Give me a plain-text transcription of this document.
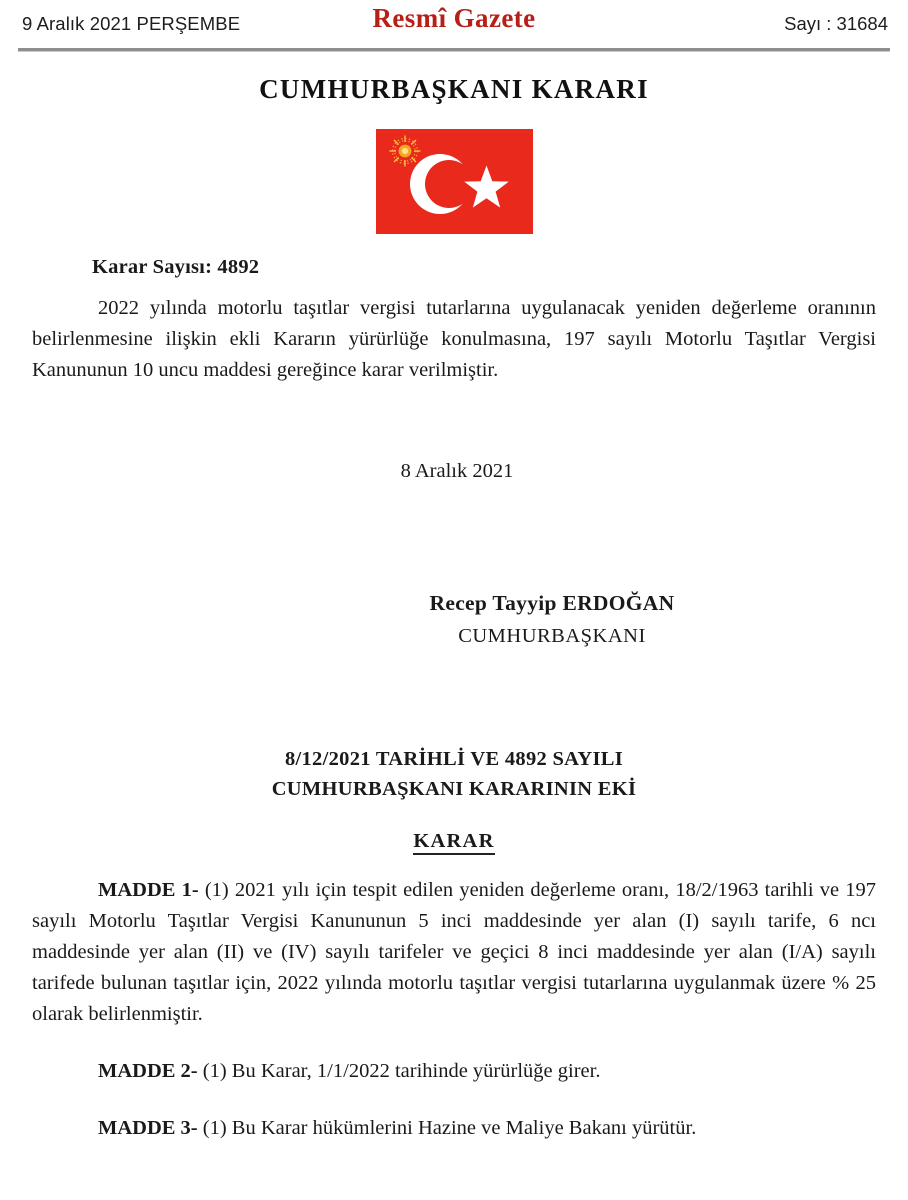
9 Aralık 2021 PERŞEMBE	Resmî Gazete	Sayı : 31684
CUMHURBAŞKANI KARARI
Karar Sayısı: 4892
2022 yılında motorlu taşıtlar vergisi tutarlarına uygulanacak yeniden değerleme oranının belirlenmesine ilişkin ekli Kararın yürürlüğe konulmasına, 197 sayılı Motorlu Taşıtlar Vergisi Kanununun 10 uncu maddesi gereğince karar verilmiştir.
8 Aralık 2021
Recep Tayyip ERDOĞAN
CUMHURBAŞKANI
8/12/2021 TARİHLİ VE 4892 SAYILI
CUMHURBAŞKANI KARARININ EKİ
KARAR
MADDE 1- (1) 2021 yılı için tespit edilen yeniden değerleme oranı, 18/2/1963 tarihli ve 197 sayılı Motorlu Taşıtlar Vergisi Kanununun 5 inci maddesinde yer alan (I) sayılı tarife, 6 ncı maddesinde yer alan (II) ve (IV) sayılı tarifeler ve geçici 8 inci maddesinde yer alan (I/A) sayılı tarifede bulunan taşıtlar için, 2022 yılında motorlu taşıtlar vergisi tutarlarına uygulanmak üzere % 25 olarak belirlenmiştir.
MADDE 2- (1) Bu Karar, 1/1/2022 tarihinde yürürlüğe girer.
MADDE 3- (1) Bu Karar hükümlerini Hazine ve Maliye Bakanı yürütür.
